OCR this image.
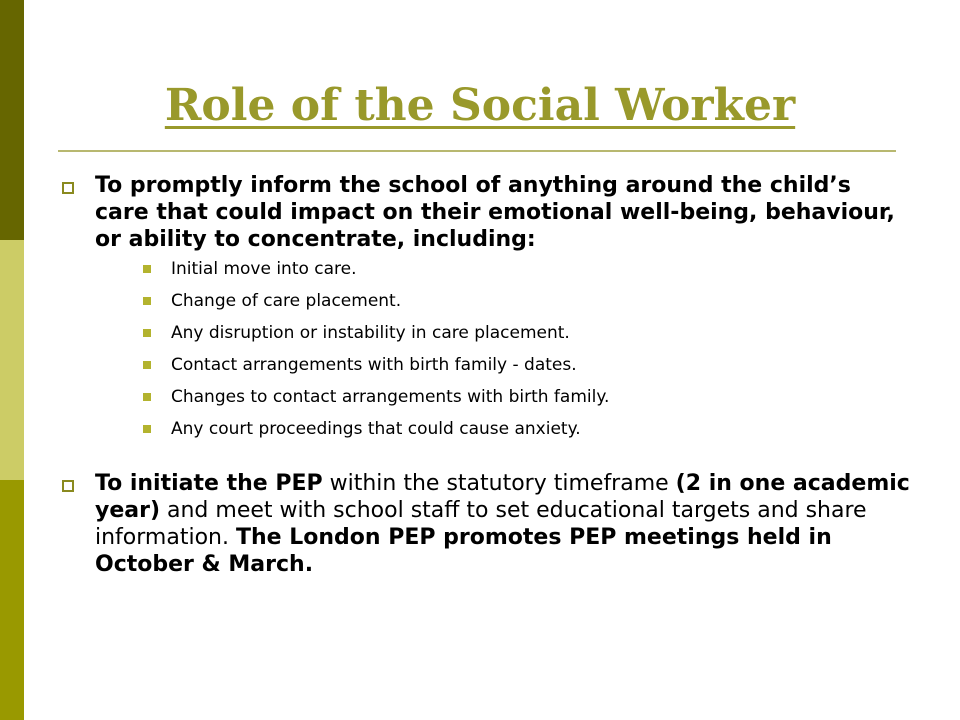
Role of the Social Worker
To promptly inform the school of anything around the child’s care that could impact on their emotional well-being, behaviour, or ability to concentrate, including:
Initial move into care.
Change of care placement.
Any disruption or instability in care placement.
Contact arrangements with birth family - dates.
Changes to contact arrangements with birth family.
Any court proceedings that could cause anxiety.
To initiate the PEP within the statutory timeframe (2 in one academic year) and meet with school staff to set educational targets and share information. The London PEP promotes PEP meetings held in October & March.
